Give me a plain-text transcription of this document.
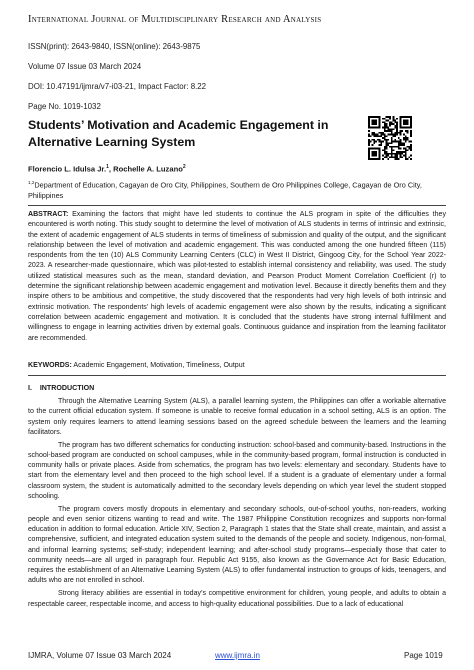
International Journal of Multidisciplinary Research and Analysis
ISSN(print): 2643-9840, ISSN(online): 2643-9875
Volume 07 Issue 03 March 2024
DOI: 10.47191/ijmra/v7-i03-21, Impact Factor: 8.22
Page No. 1019-1032
Students’ Motivation and Academic Engagement in Alternative Learning System
Florencio L. Idulsa Jr.$^1$, Rochelle A. Luzano$^2$
$^{1,2}$Department of Education, Cagayan de Oro City, Philippines, Southern de Oro Philippines College, Cagayan de Oro City, Philippines
ABSTRACT: Examining the factors that might have led students to continue the ALS program in spite of the difficulties they encountered is worth noting. This study sought to determine the level of motivation of ALS students in terms of intrinsic and extrinsic, the extent of academic engagement of ALS students in terms of timeliness of submission and quality of the output, and the significant relationship between the level of motivation and academic engagement. This was conducted among the one hundred fifteen (115) respondents from the ten (10) ALS Community Learning Centers (CLC) in West II District, Gingoog City, for the School Year 2022-2023. A researcher-made questionnaire, which was pilot-tested to establish internal consistency and reliability, was used. The study utilized statistical measures such as the mean, standard deviation, and Pearson Product Moment Correlation Coefficient (r) to determine the significant relationship between academic engagement and motivation level. Because it directly benefits them and they inspire others to be ambitious and competitive, the study discovered that the respondents had very high levels of both intrinsic and extrinsic motivation. The respondents' high levels of academic engagement were also shown by the results, indicating a significant correlation between academic engagement and motivation. It is concluded that the students have strong internal fulfillment and willingness to engage in learning activities driven by external goals. Continuous guidance and inspiration from the learning facilitator are recommended.
KEYWORDS: Academic Engagement, Motivation, Timeliness, Output
I.    INTRODUCTION

Through the Alternative Learning System (ALS), a parallel learning system, the Philippines can offer a workable alternative to the current official education system. If someone is unable to receive formal education in a school setting, ALS is an option. The system only requires learners to attend learning sessions based on the agreed schedule between the learners and the learning facilitators.

The program has two different schematics for conducting instruction: school-based and community-based. Instructions in the school-based program are conducted on school campuses, while in the community-based program, formal instruction is conducted in community halls or private places. Aside from schematics, the program has two levels: elementary and secondary. Students have to start from the elementary level and then proceed to the high school level. If a student is a graduate of elementary under a formal classroom system, the student is automatically admitted to the secondary levels depending on which year level the student stopped schooling.

The program covers mostly dropouts in elementary and secondary schools, out-of-school youths, non-readers, working people and even senior citizens wanting to read and write. The 1987 Philippine Constitution recognizes and supports non-formal education in addition to formal education. Article XIV, Section 2, Paragraph 1 states that the State shall create, maintain, and assist a comprehensive, sufficient, and integrated education system suited to the demands of the people and society. Indigenous, non-formal, and informal learning systems; self-study; independent learning; and after-school study programs—especially those that cater to community needs—are all urged in paragraph four. Republic Act 9155, also known as the Governance Act for Basic Education, requires the establishment of an Alternative Learning System (ALS) to offer fundamental instruction to groups of kids, teenagers, and adults who are not enrolled in school.

Strong literacy abilities are essential in today’s competitive environment for children, young people, and adults to obtain a respectable career, respectable income, and access to high-quality educational possibilities. Due to a lack of educational

IJMRA, Volume 07 Issue 03 March 2024	www.ijmra.in	Page 1019
